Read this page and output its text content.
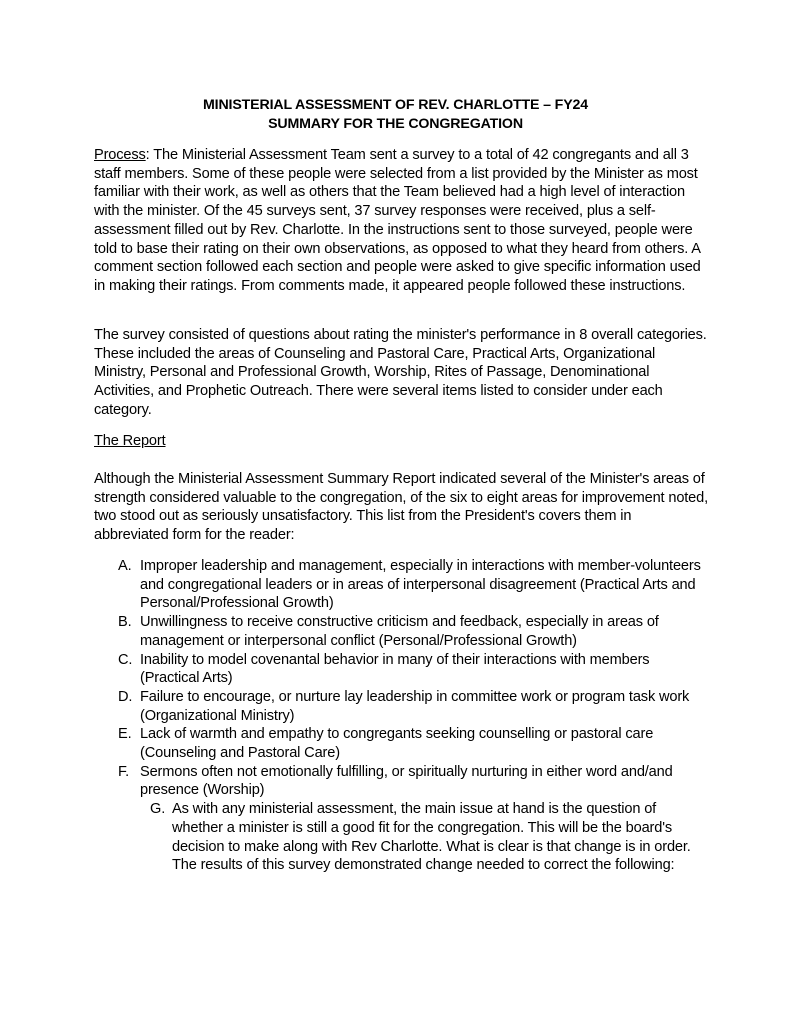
MINISTERIAL ASSESSMENT OF REV. CHARLOTTE – FY24
SUMMARY FOR THE CONGREGATION

Process: The Ministerial Assessment Team sent a survey to a total of 42 congregants and all 3 staff members. Some of these people were selected from a list provided by the Minister as most familiar with their work, as well as others that the Team believed had a high level of interaction with the minister. Of the 45 surveys sent, 37 survey responses were received, plus a self-assessment filled out by Rev. Charlotte. In the instructions sent to those surveyed, people were told to base their rating on their own observations, as opposed to what they heard from others. A comment section followed each section and people were asked to give specific information used in making their ratings. From comments made, it appeared people followed these instructions.

The survey consisted of questions about rating the minister's performance in 8 overall categories. These included the areas of Counseling and Pastoral Care, Practical Arts, Organizational Ministry, Personal and Professional Growth, Worship, Rites of Passage, Denominational Activities, and Prophetic Outreach. There were several items listed to consider under each category.

The Report

Although the Ministerial Assessment Summary Report indicated several of the Minister's areas of strength considered valuable to the congregation, of the six to eight areas for improvement noted, two stood out as seriously unsatisfactory. This list from the President's covers them in abbreviated form for the reader:

A. Improper leadership and management, especially in interactions with member-volunteers and congregational leaders or in areas of interpersonal disagreement (Practical Arts and Personal/Professional Growth)
B. Unwillingness to receive constructive criticism and feedback, especially in areas of management or interpersonal conflict (Personal/Professional Growth)
C. Inability to model covenantal behavior in many of their interactions with members (Practical Arts)
D. Failure to encourage, or nurture lay leadership in committee work or program task work (Organizational Ministry)
E. Lack of warmth and empathy to congregants seeking counselling or pastoral care (Counseling and Pastoral Care)
F. Sermons often not emotionally fulfilling, or spiritually nurturing in either word and/and presence (Worship)
G. As with any ministerial assessment, the main issue at hand is the question of whether a minister is still a good fit for the congregation. This will be the board's decision to make along with Rev Charlotte. What is clear is that change is in order. The results of this survey demonstrated change needed to correct the following:
